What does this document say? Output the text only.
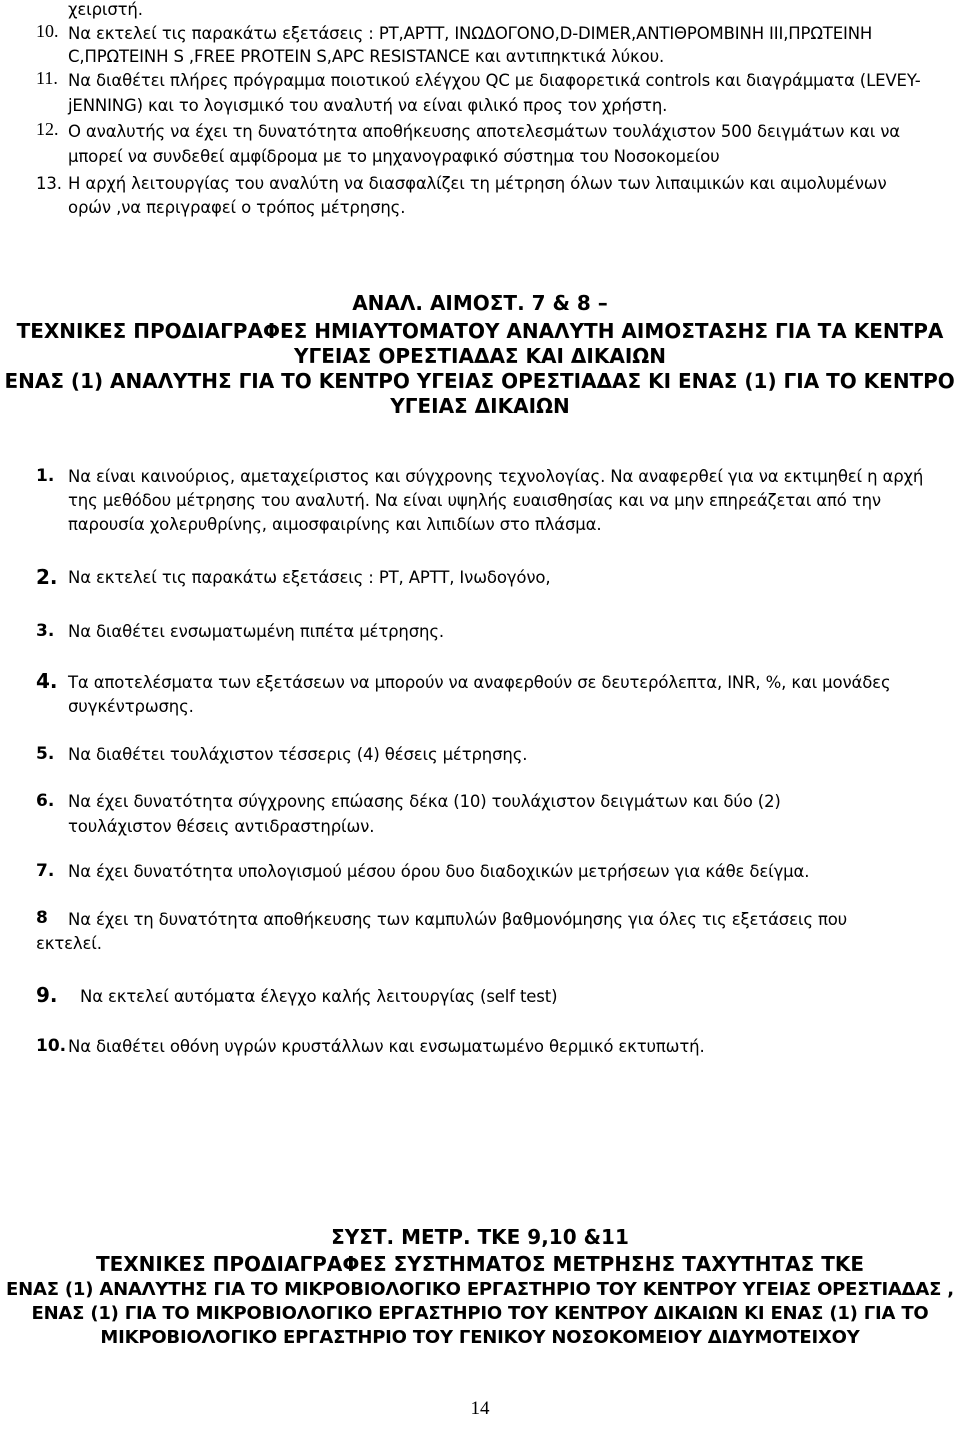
χειριστή.
10. Να εκτελεί τις παρακάτω εξετάσεις : PT,APTT, ΙΝΩΔΟΓΟΝΟ,D-DIMER,ΑΝΤΙΘΡΟΜΒΙΝΗ ΙΙΙ,ΠΡΩΤΕΙΝΗ
C,ΠΡΩΤΕΙΝΗ S ,FREE PROTEIN S,APC RESISTANCE και αντιπηκτικά λύκου.
11. Να διαθέτει πλήρες πρόγραμμα ποιοτικού ελέγχου QC με διαφορετικά controls και διαγράμματα (LEVEY-
jENNING) και το λογισμικό του αναλυτή να είναι φιλικό προς τον χρήστη.
12. Ο αναλυτής να έχει τη δυνατότητα αποθήκευσης αποτελεσμάτων τουλάχιστον 500 δειγμάτων και να
μπορεί να συνδεθεί αμφίδρομα με το μηχανογραφικό σύστημα του Νοσοκομείου
13. Η αρχή λειτουργίας του αναλύτη να διασφαλίζει τη μέτρηση όλων των λιπαιμικών και αιμολυμένων
ορών ,να περιγραφεί ο τρόπος μέτρησης.
ΑΝΑΛ. ΑΙΜΟΣΤ. 7 & 8 –
ΤΕΧΝΙΚΕΣ ΠΡΟΔΙΑΓΡΑΦΕΣ ΗΜΙΑΥΤΟΜΑΤΟΥ ΑΝΑΛΥΤΗ ΑΙΜΟΣΤΑΣΗΣ ΓΙΑ ΤΑ ΚΕΝΤΡΑ
ΥΓΕΙΑΣ ΟΡΕΣΤΙΑΔΑΣ ΚΑΙ ΔΙΚΑΙΩΝ
ΕΝΑΣ (1) ΑΝΑΛΥΤΗΣ ΓΙΑ ΤΟ ΚΕΝΤΡΟ ΥΓΕΙΑΣ ΟΡΕΣΤΙΑΔΑΣ ΚΙ ΕΝΑΣ (1) ΓΙΑ ΤΟ ΚΕΝΤΡΟ
ΥΓΕΙΑΣ ΔΙΚΑΙΩΝ
1. Να είναι καινούριος, αμεταχείριστος και σύγχρονης τεχνολογίας. Να αναφερθεί για να εκτιμηθεί η αρχή
της μεθόδου μέτρησης του αναλυτή. Να είναι υψηλής ευαισθησίας και να μην επηρεάζεται από την
παρουσία χολερυθρίνης, αιμοσφαιρίνης και λιπιδίων στο πλάσμα.
2. Να εκτελεί τις παρακάτω εξετάσεις : PT, APTT, Ινωδογόνο,
3. Να διαθέτει ενσωματωμένη πιπέτα μέτρησης.
4. Τα αποτελέσματα των εξετάσεων να μπορούν να αναφερθούν σε δευτερόλεπτα, INR, %, και μονάδες
συγκέντρωσης.
5. Να διαθέτει τουλάχιστον τέσσερις (4) θέσεις μέτρησης.
6. Να έχει δυνατότητα σύγχρονης επώασης δέκα (10) τουλάχιστον δειγμάτων και δύο (2)
τουλάχιστον θέσεις αντιδραστηρίων.
7. Να έχει δυνατότητα υπολογισμού μέσου όρου δυο διαδοχικών μετρήσεων για κάθε δείγμα.
8 Να έχει τη δυνατότητα αποθήκευσης των καμπυλών βαθμονόμησης για όλες τις εξετάσεις που
εκτελεί.
9. Να εκτελεί αυτόματα έλεγχο καλής λειτουργίας (self test)
10. Να διαθέτει οθόνη υγρών κρυστάλλων και ενσωματωμένο θερμικό εκτυπωτή.
ΣΥΣΤ. ΜΕΤΡ. ΤΚΕ 9,10 &11
ΤΕΧΝΙΚΕΣ ΠΡΟΔΙΑΓΡΑΦΕΣ ΣΥΣΤΗΜΑΤΟΣ ΜΕΤΡΗΣΗΣ ΤΑΧΥΤΗΤΑΣ ΤΚΕ
ΕΝΑΣ (1) ΑΝΑΛΥΤΗΣ ΓΙΑ ΤΟ ΜΙΚΡΟΒΙΟΛΟΓΙΚΟ ΕΡΓΑΣΤΗΡΙΟ ΤΟΥ ΚΕΝΤΡΟΥ ΥΓΕΙΑΣ ΟΡΕΣΤΙΑΔΑΣ ,
ΕΝΑΣ (1) ΓΙΑ ΤΟ ΜΙΚΡΟΒΙΟΛΟΓΙΚΟ ΕΡΓΑΣΤΗΡΙΟ ΤΟΥ ΚΕΝΤΡΟΥ ΔΙΚΑΙΩΝ ΚΙ ΕΝΑΣ (1) ΓΙΑ ΤΟ
ΜΙΚΡΟΒΙΟΛΟΓΙΚΟ ΕΡΓΑΣΤΗΡΙΟ ΤΟΥ ΓΕΝΙΚΟΥ ΝΟΣΟΚΟΜΕΙΟΥ ΔΙΔΥΜΟΤΕΙΧΟΥ
14
